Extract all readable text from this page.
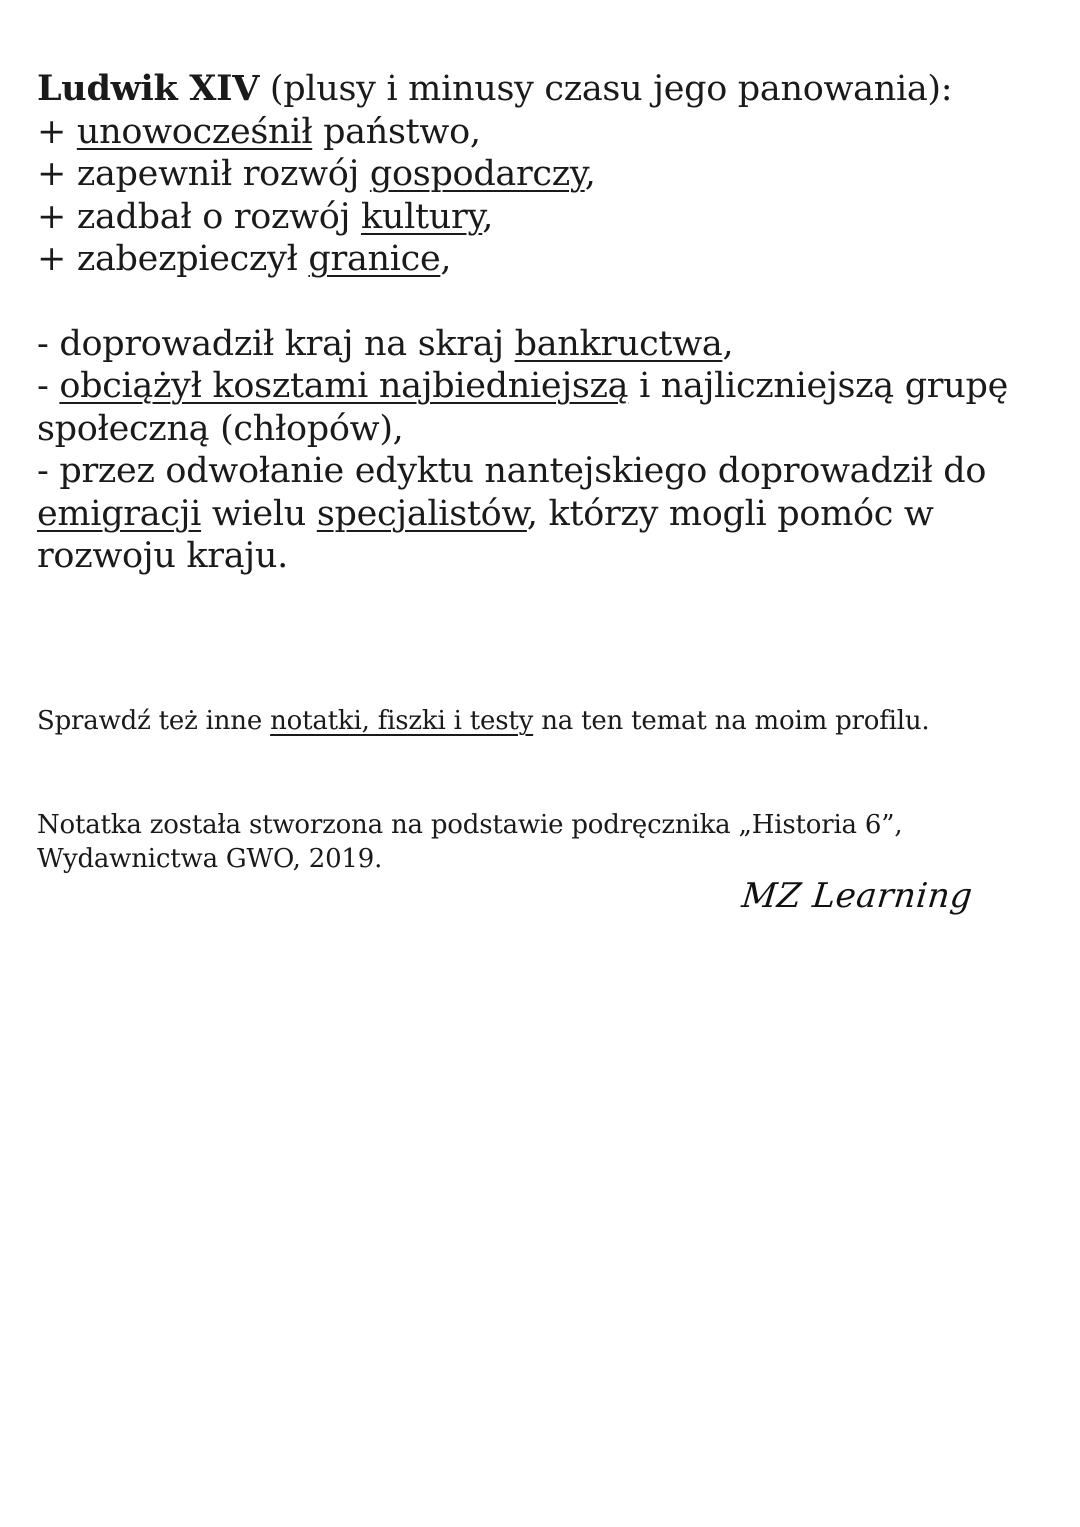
Ludwik XIV (plusy i minusy czasu jego panowania):

+ unowocześnił państwo,

+ zapewnił rozwój gospodarczy,

+ zadbał o rozwój kultury,

+ zabezpieczył granice,

- doprowadził kraj na skraj bankructwa,

- obciążył kosztami najbiedniejszą i najliczniejszą grupę
społeczną (chłopów),

- przez odwołanie edyktu nantejskiego doprowadził do
emigracji wielu specjalistów, którzy mogli pomóc w
rozwoju kraju.

Sprawdź też inne notatki, fiszki i testy na ten temat na moim profilu.

Notatka została stworzona na podstawie podręcznika „Historia 6”,

Wydawnictwa GWO, 2019.

MZ Learning
